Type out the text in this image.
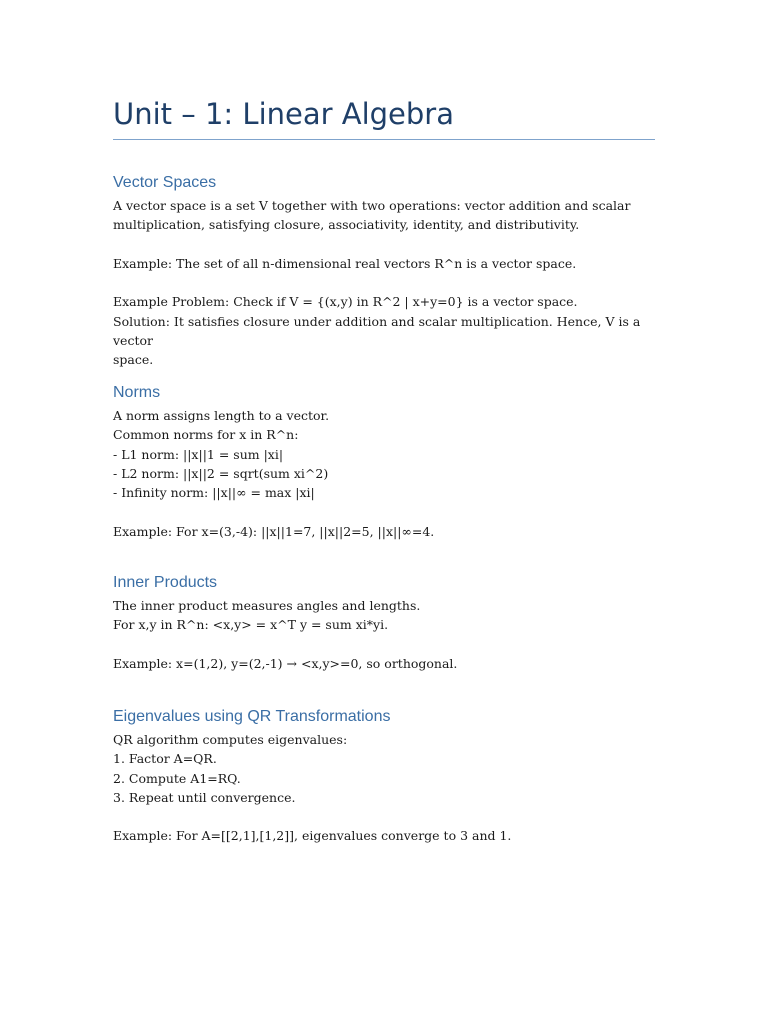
Unit – 1: Linear Algebra
Vector Spaces
A vector space is a set V together with two operations: vector addition and scalar
multiplication, satisfying closure, associativity, identity, and distributivity.
Example: The set of all n-dimensional real vectors R^n is a vector space.
Example Problem: Check if V = {(x,y) in R^2 | x+y=0} is a vector space.
Solution: It satisfies closure under addition and scalar multiplication. Hence, V is a vector
space.
Norms
A norm assigns length to a vector.
Common norms for x in R^n:
- L1 norm: ||x||1 = sum |xi|
- L2 norm: ||x||2 = sqrt(sum xi^2)
- Infinity norm: ||x||∞ = max |xi|
Example: For x=(3,-4): ||x||1=7, ||x||2=5, ||x||∞=4.
Inner Products
The inner product measures angles and lengths.
For x,y in R^n: <x,y> = x^T y = sum xi*yi.
Example: x=(1,2), y=(2,-1) → <x,y>=0, so orthogonal.
Eigenvalues using QR Transformations
QR algorithm computes eigenvalues:
1. Factor A=QR.
2. Compute A1=RQ.
3. Repeat until convergence.
Example: For A=[[2,1],[1,2]], eigenvalues converge to 3 and 1.
